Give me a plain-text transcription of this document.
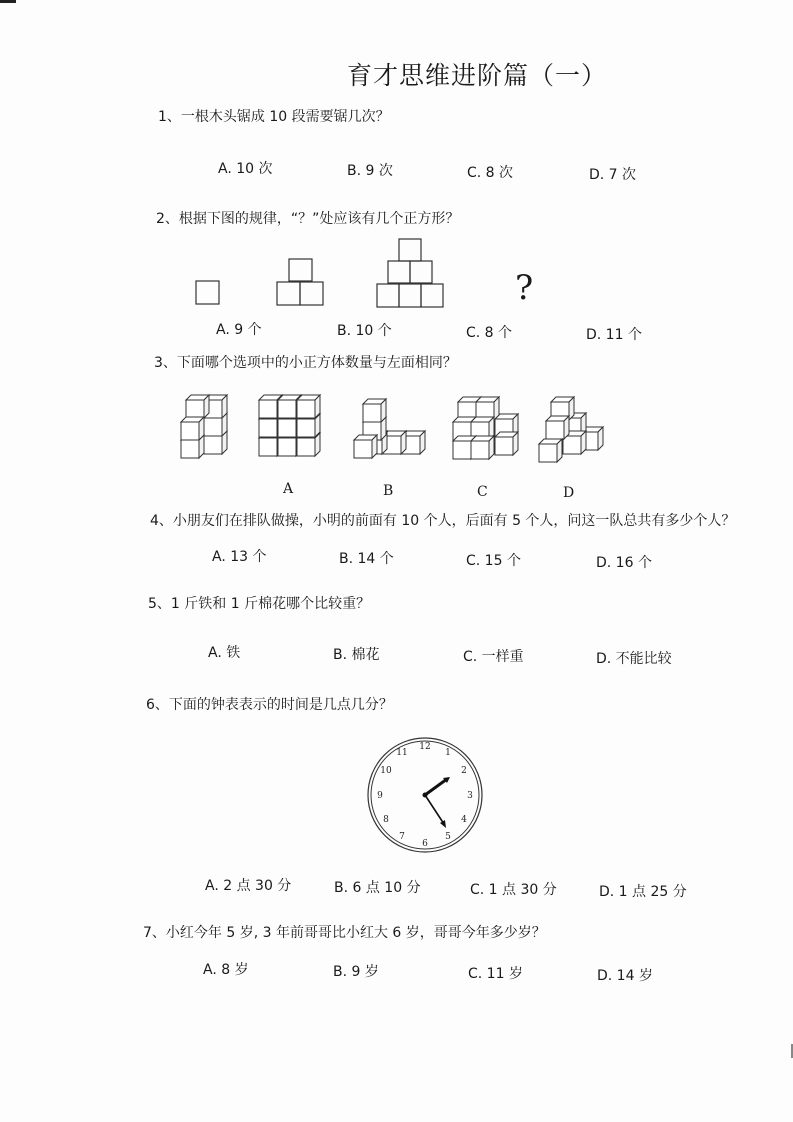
育才思维进阶篇（一）
1、一根木头锯成 10 段需要锯几次？
A. 10 次	B. 9 次	C. 8 次	D. 7 次
2、根据下图的规律，“？”处应该有几个正方形？
?
A. 9 个	B. 10 个	C. 8 个	D. 11 个
3、下面哪个选项中的小正方体数量与左面相同？
A	B	C	D
4、小朋友们在排队做操，小明的前面有 10 个人，后面有 5 个人，问这一队总共有多少个人？
A. 13 个	B. 14 个	C. 15 个	D. 16 个
5、1 斤铁和 1 斤棉花哪个比较重？
A. 铁	B. 棉花	C. 一样重	D. 不能比较
6、下面的钟表表示的时间是几点几分？
12
1
2
3
4
5
6
7
8
9
10
11
A. 2 点 30 分	B. 6 点 10 分	C. 1 点 30 分	D. 1 点 25 分
7、小红今年 5 岁, 3 年前哥哥比小红大 6 岁，哥哥今年多少岁？
A. 8 岁	B. 9 岁	C. 11 岁	D. 14 岁
